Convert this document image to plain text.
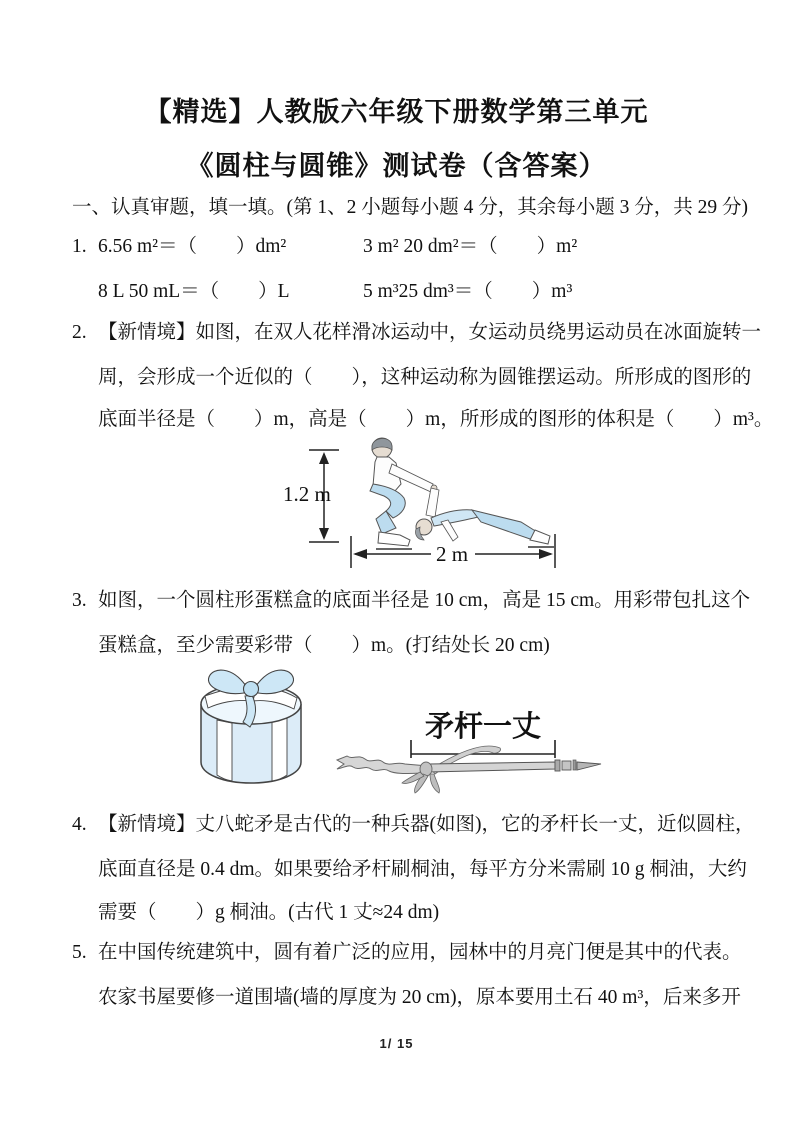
【精选】人教版六年级下册数学第三单元
《圆柱与圆锥》测试卷（含答案）
一、认真审题，填一填。(第 1、2 小题每小题 4 分，其余每小题 3 分，共 29 分)
1. 6.56 m²＝（　　）dm²	3 m² 20 dm²＝（　　）m²
8 L 50 mL＝（　　）L	5 m³25 dm³＝（　　）m³
2. 【新情境】如图，在双人花样滑冰运动中，女运动员绕男运动员在冰面旋转一
周，会形成一个近似的（　　），这种运动称为圆锥摆运动。所形成的图形的
底面半径是（　　）m，高是（　　）m，所形成的图形的体积是（　　）m³。
1.2 m
2 m
3. 如图，一个圆柱形蛋糕盒的底面半径是 10 cm，高是 15 cm。用彩带包扎这个
蛋糕盒，至少需要彩带（　　）m。(打结处长 20 cm)
矛杆一丈
4. 【新情境】丈八蛇矛是古代的一种兵器(如图)，它的矛杆长一丈，近似圆柱，
底面直径是 0.4 dm。如果要给矛杆刷桐油，每平方分米需刷 10 g 桐油，大约
需要（　　）g 桐油。(古代 1 丈≈24 dm)
5. 在中国传统建筑中，圆有着广泛的应用，园林中的月亮门便是其中的代表。
农家书屋要修一道围墙(墙的厚度为 20 cm)，原本要用土石 40 m³，后来多开
1/ 15
